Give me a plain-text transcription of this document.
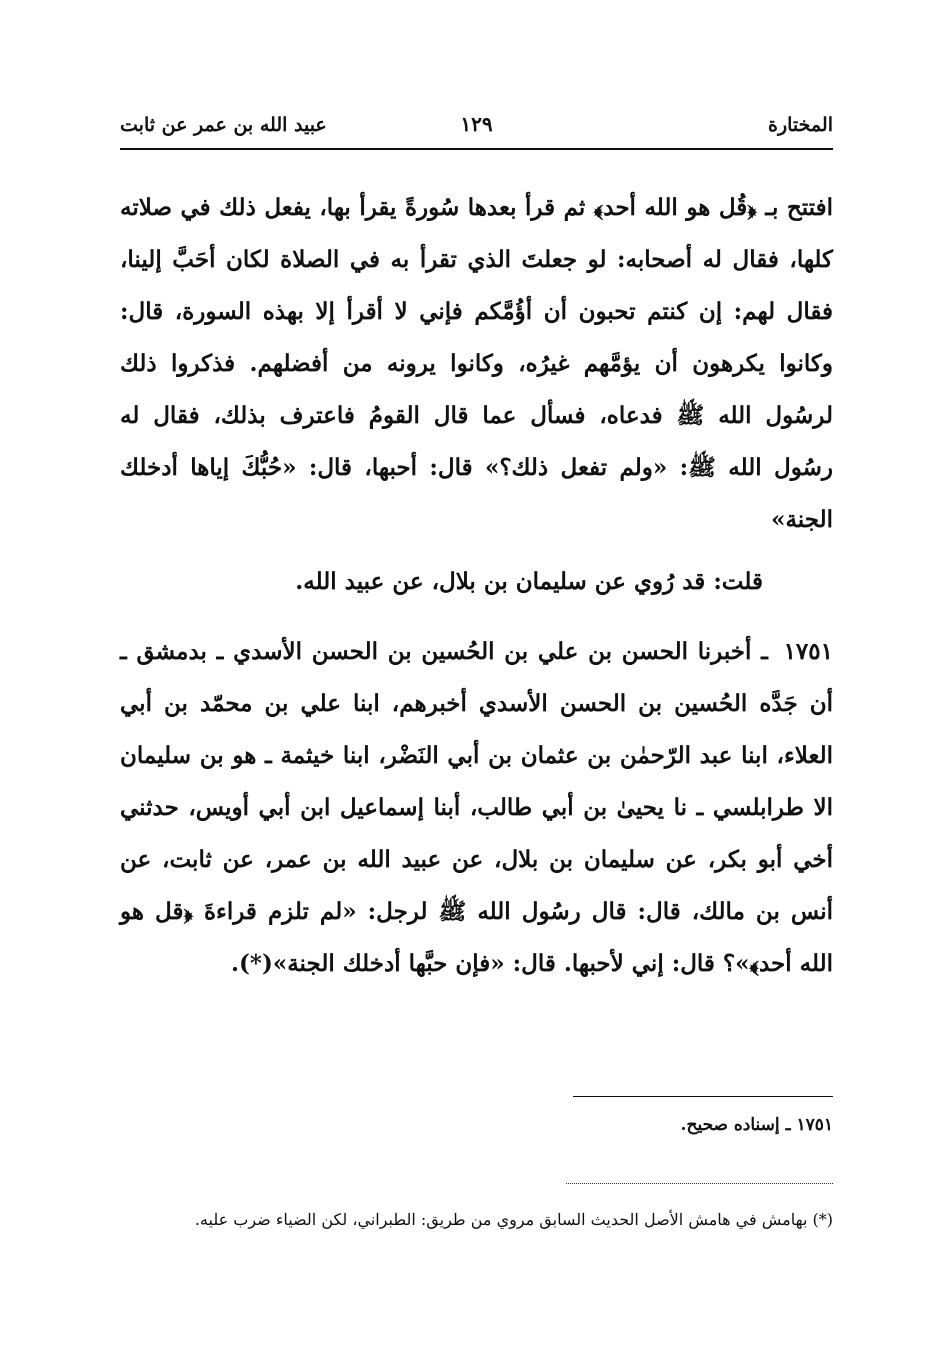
المختارة
١٢٩
عبيد الله بن عمر عن ثابت
افتتح بـ ﴿قُل هو الله أحد﴾ ثم قرأ بعدها سُورةً يقرأ بها، يفعل ذلك في صلاته كلها، فقال له أصحابه: لو جعلتَ الذي تقرأ به في الصلاة لكان أحَبَّ إلينا، فقال لهم: إن كنتم تحبون أن أؤُمَّكم فإني لا أقرأ إلا بهذه السورة، قال: وكانوا يكرهون أن يؤمَّهم غيرُه، وكانوا يرونه من أفضلهم. فذكروا ذلك لرسُول الله ﷺ فدعاه، فسأل عما قال القومُ فاعترف بذلك، فقال له رسُول الله ﷺ: «ولم تفعل ذلك؟» قال: أحبها، قال: «حُبُّكَ إياها أدخلك الجنة»
قلت: قد رُوي عن سليمان بن بلال، عن عبيد الله.
١٧٥١ ـ أخبرنا الحسن بن علي بن الحُسين بن الحسن الأسدي ـ بدمشق ـ أن جَدَّه الحُسين بن الحسن الأسدي أخبرهم، ابنا علي بن محمّد بن أبي العلاء، ابنا عبد الرّحمٰن بن عثمان بن أبي النَضْر، ابنا خيثمة ـ هو بن سليمان الا طرابلسي ـ نا يحيىٰ بن أبي طالب، أبنا إسماعيل ابن أبي أويس، حدثني أخي أبو بكر، عن سليمان بن بلال، عن عبيد الله بن عمر، عن ثابت، عن أنس بن مالك، قال: قال رسُول الله ﷺ لرجل: «لم تلزم قراءةَ ﴿قل هو الله أحد﴾»؟ قال: إني لأحبها. قال: «فإن حبَّها أدخلك الجنة»(*).
١٧٥١ ـ إسناده صحيح.
(*) بهامش في هامش الأصل الحديث السابق مروي من طريق: الطبراني، لكن الضياء ضرب عليه.
